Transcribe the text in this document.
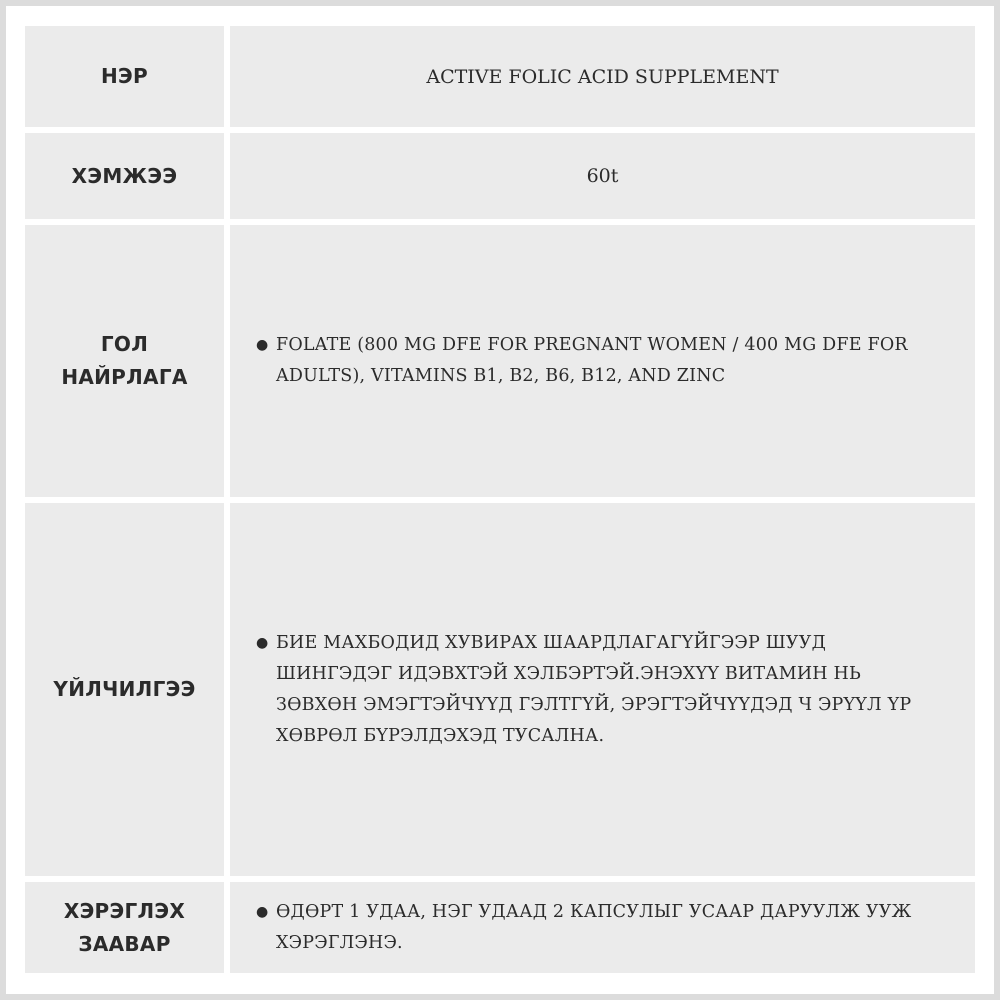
НЭР	ACTIVE FOLIC ACID SUPPLEMENT
ХЭМЖЭЭ	60t
ГОЛ
НАЙРЛАГА
● FOLATE (800 MG DFE FOR PREGNANT WOMEN / 400 MG DFE FOR ADULTS), VITAMINS B1, B2, B6, B12, AND ZINC
ҮЙЛЧИЛГЭЭ
● БИЕ МАХБОДИД ХУВИРАХ ШААРДЛАГАГҮЙГЭЭР ШУУД ШИНГЭДЭГ ИДЭВХТЭЙ ХЭЛБЭРТЭЙ.ЭНЭХҮҮ ВИТАМИН НЬ ЗӨВХӨН ЭМЭГТЭЙЧҮҮД ГЭЛТГҮЙ, ЭРЭГТЭЙЧҮҮДЭД Ч ЭРҮҮЛ ҮР ХӨВРӨЛ БҮРЭЛДЭХЭД ТУСАЛНА.
ХЭРЭГЛЭХ
ЗААВАР
● ӨДӨРТ 1 УДАА, НЭГ УДААД 2 КАПСУЛЫГ УСААР ДАРУУЛЖ УУЖ ХЭРЭГЛЭНЭ.
